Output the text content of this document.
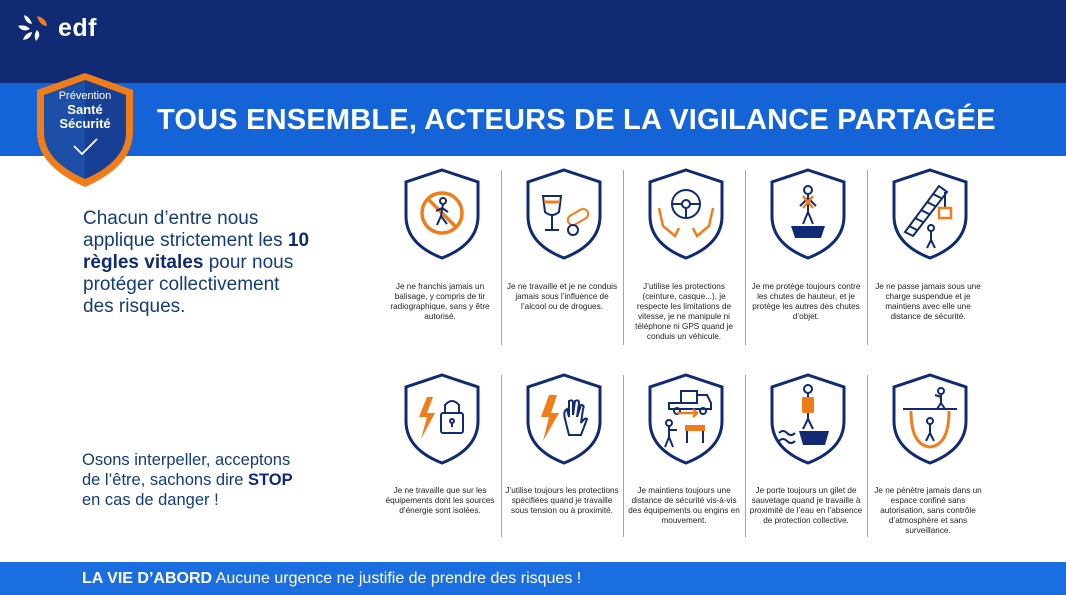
edf
Prévention
Santé
Sécurité	TOUS ENSEMBLE, ACTEURS DE LA VIGILANCE PARTAGÉE
Chacun d’entre nous applique strictement les 10 règles vitales pour nous protéger collectivement des risques.
Osons interpeller, acceptons de l’être, sachons dire STOP en cas de danger !
Je ne franchis jamais un balisage, y compris de tir radiographique, sans y être autorisé.
Je ne travaille et je ne conduis jamais sous l’influence de l’alcool ou de drogues.
J’utilise les protections (ceinture, casque...), je respecte les limitations de vitesse, je ne manipule ni téléphone ni GPS quand je conduis un véhicule.
Je me protège toujours contre les chutes de hauteur, et je protège les autres des chutes d’objet.
Je ne passe jamais sous une charge suspendue et je maintiens avec elle une distance de sécurité.
Je ne travaille que sur les équipements dont les sources d’énergie sont isolées.
J’utilise toujours les protections spécifiées quand je travaille sous tension ou à proximité.
Je maintiens toujours une distance de sécurité vis-à-vis des équipements ou engins en mouvement.
Je porte toujours un gilet de sauvetage quand je travaille à proximité de l’eau en l’absence de protection collective.
Je ne pénètre jamais dans un espace confiné sans autorisation, sans contrôle d’atmosphère et sans surveillance.
LA VIE D’ABORD Aucune urgence ne justifie de prendre des risques !
